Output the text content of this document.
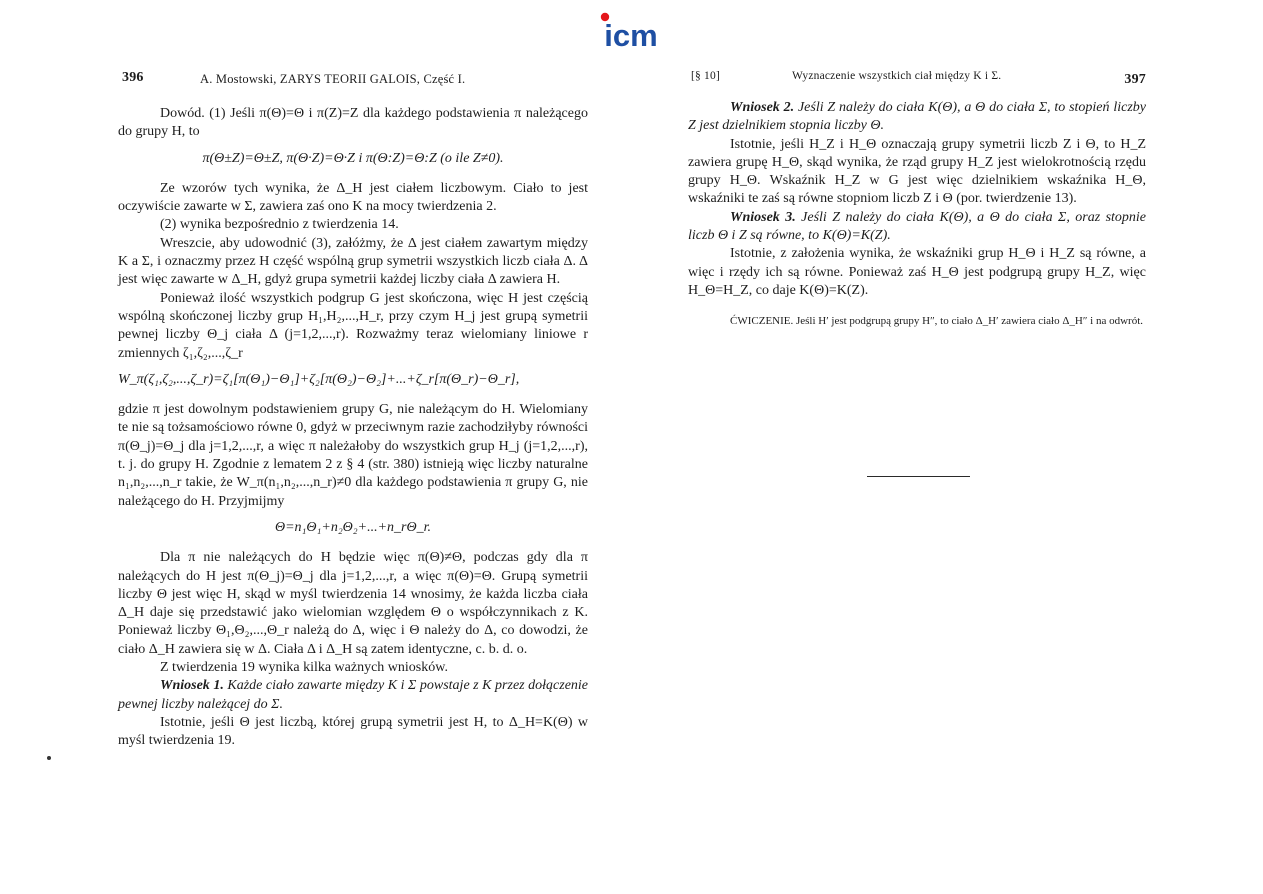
icm
396	A. Mostowski, ZARYS TEORII GALOIS, Część I.

Dowód. (1) Jeśli π(Θ)=Θ i π(Z)=Z dla każdego podstawienia π należącego do grupy H, to

π(Θ±Z)=Θ±Z, π(Θ·Z)=Θ·Z i π(Θ:Z)=Θ:Z (o ile Z≠0).

Ze wzorów tych wynika, że Δ_H jest ciałem liczbowym. Ciało to jest oczywiście zawarte w Σ, zawiera zaś ono K na mocy twierdzenia 2.

(2) wynika bezpośrednio z twierdzenia 14.

Wreszcie, aby udowodnić (3), załóżmy, że Δ jest ciałem zawartym między K a Σ, i oznaczmy przez H część wspólną grup symetrii wszystkich liczb ciała Δ. Δ jest więc zawarte w Δ_H, gdyż grupa symetrii każdej liczby ciała Δ zawiera H.

Ponieważ ilość wszystkich podgrup G jest skończona, więc H jest częścią wspólną skończonej liczby grup H₁,H₂,...,H_r, przy czym H_j jest grupą symetrii pewnej liczby Θ_j ciała Δ (j=1,2,...,r). Rozważmy teraz wielomiany liniowe r zmiennych ζ₁,ζ₂,...,ζ_r

W_π(ζ₁,ζ₂,...,ζ_r)=ζ₁[π(Θ₁)−Θ₁]+ζ₂[π(Θ₂)−Θ₂]+...+ζ_r[π(Θ_r)−Θ_r],

gdzie π jest dowolnym podstawieniem grupy G, nie należącym do H. Wielomiany te nie są tożsamościowo równe 0, gdyż w przeciwnym razie zachodziłyby równości π(Θ_j)=Θ_j dla j=1,2,...,r, a więc π należałoby do wszystkich grup H_j (j=1,2,...,r), t. j. do grupy H. Zgodnie z lematem 2 z § 4 (str. 380) istnieją więc liczby naturalne n₁,n₂,...,n_r takie, że W_π(n₁,n₂,...,n_r)≠0 dla każdego podstawienia π grupy G, nie należącego do H. Przyjmijmy

Θ=n₁Θ₁+n₂Θ₂+...+n_rΘ_r.

Dla π nie należących do H będzie więc π(Θ)≠Θ, podczas gdy dla π należących do H jest π(Θ_j)=Θ_j dla j=1,2,...,r, a więc π(Θ)=Θ. Grupą symetrii liczby Θ jest więc H, skąd w myśl twierdzenia 14 wnosimy, że każda liczba ciała Δ_H daje się przedstawić jako wielomian względem Θ o współczynnikach z K. Ponieważ liczby Θ₁,Θ₂,...,Θ_r należą do Δ, więc i Θ należy do Δ, co dowodzi, że ciało Δ_H zawiera się w Δ. Ciała Δ i Δ_H są zatem identyczne, c. b. d. o.

Z twierdzenia 19 wynika kilka ważnych wniosków.

Wniosek 1. Każde ciało zawarte między K i Σ powstaje z K przez dołączenie pewnej liczby należącej do Σ.

Istotnie, jeśli Θ jest liczbą, której grupą symetrii jest H, to Δ_H=K(Θ) w myśl twierdzenia 19.

[§ 10]	Wyznaczenie wszystkich ciał między K i Σ.	397

Wniosek 2. Jeśli Z należy do ciała K(Θ), a Θ do ciała Σ, to stopień liczby Z jest dzielnikiem stopnia liczby Θ.

Istotnie, jeśli H_Z i H_Θ oznaczają grupy symetrii liczb Z i Θ, to H_Z zawiera grupę H_Θ, skąd wynika, że rząd grupy H_Z jest wielokrotnością rzędu grupy H_Θ. Wskaźnik H_Z w G jest więc dzielnikiem wskaźnika H_Θ, wskaźniki te zaś są równe stopniom liczb Z i Θ (por. twierdzenie 13).

Wniosek 3. Jeśli Z należy do ciała K(Θ), a Θ do ciała Σ, oraz stopnie liczb Θ i Z są równe, to K(Θ)=K(Z).

Istotnie, z założenia wynika, że wskaźniki grup H_Θ i H_Z są równe, a więc i rzędy ich są równe. Ponieważ zaś H_Θ jest podgrupą grupy H_Z, więc H_Θ=H_Z, co daje K(Θ)=K(Z).

ĆWICZENIE. Jeśli H′ jest podgrupą grupy H″, to ciało Δ_H′ zawiera ciało Δ_H″ i na odwrót.
